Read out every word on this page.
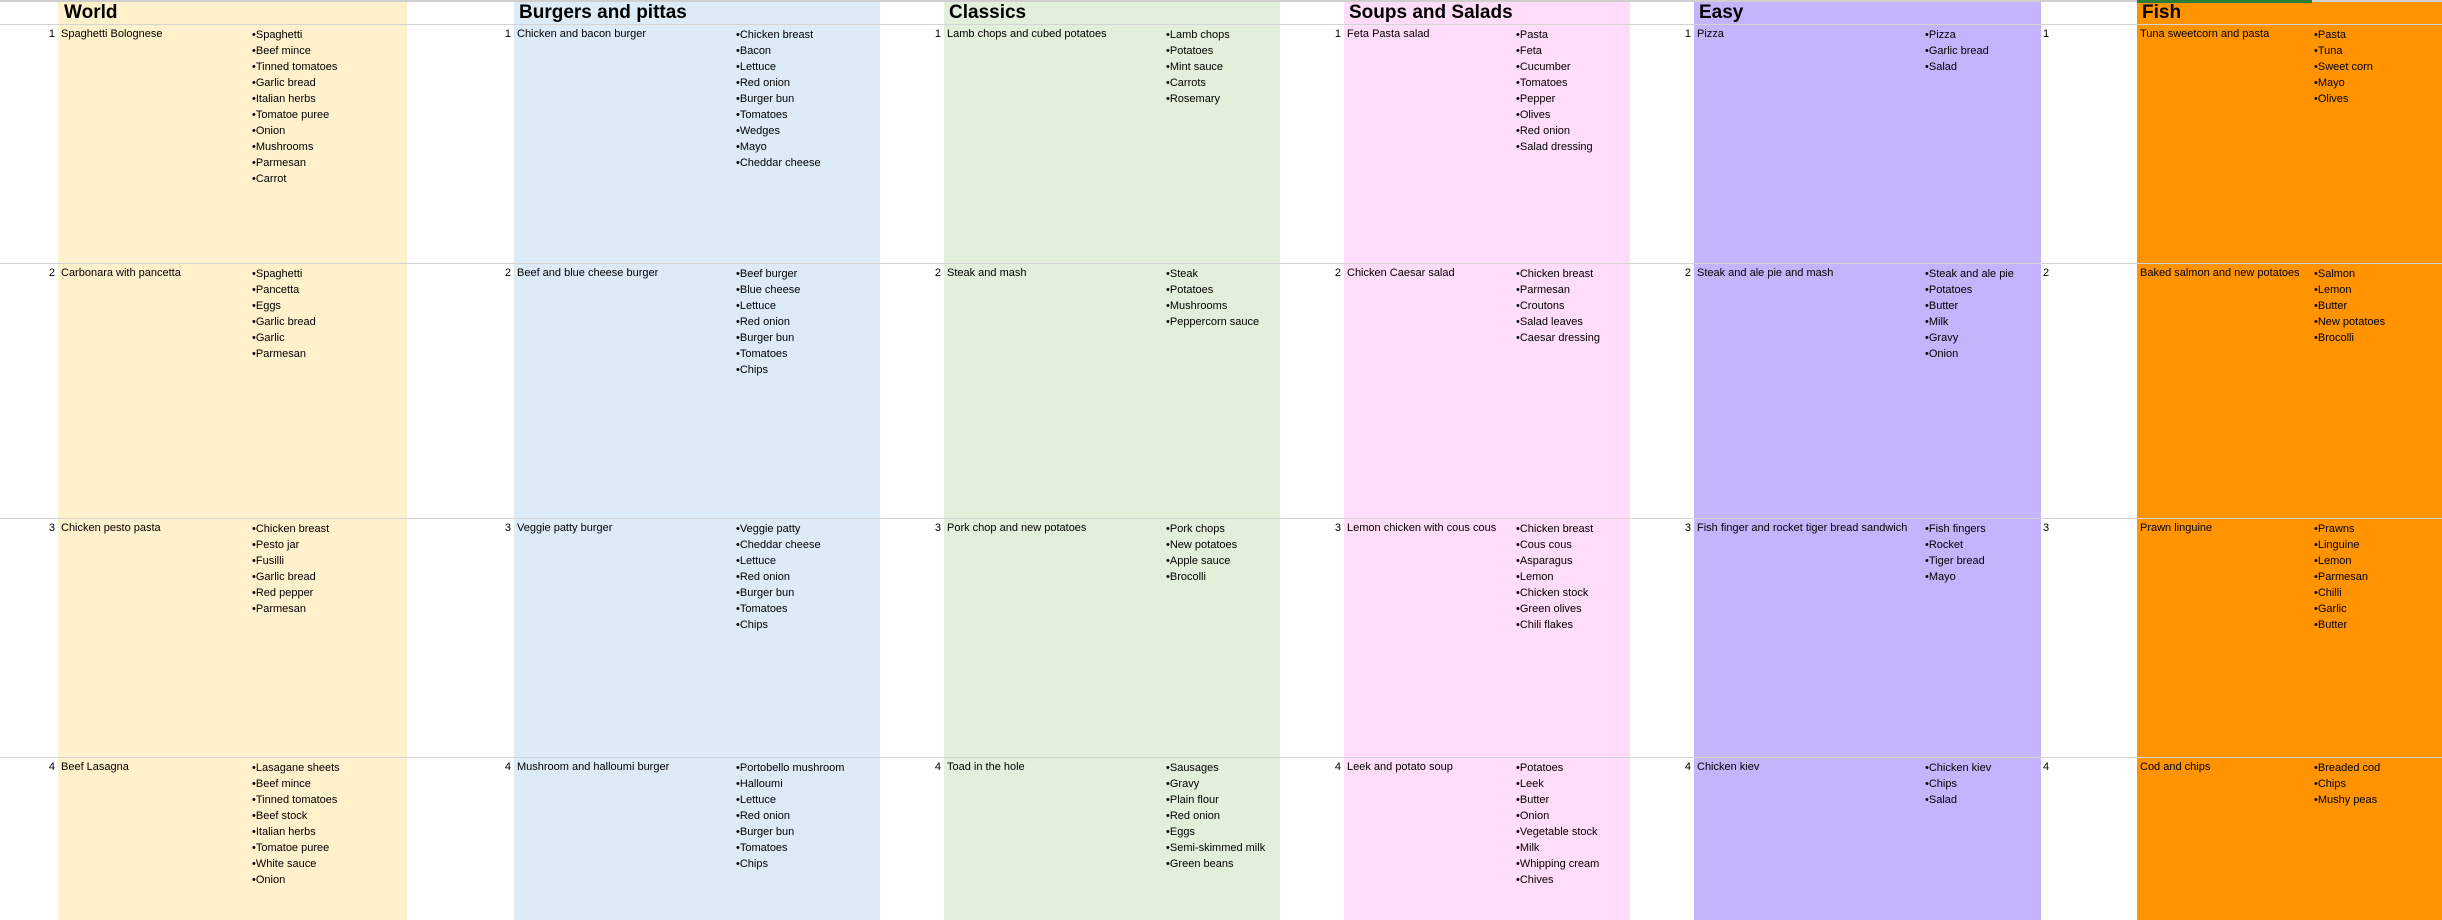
World
1 Spaghetti Bolognese	• Spaghetti
• Beef mince
• Tinned tomatoes
• Garlic bread
• Italian herbs
• Tomatoe puree
• Onion
• Mushrooms
• Parmesan
• Carrot
2 Carbonara with pancetta	• Spaghetti
• Pancetta
• Eggs
• Garlic bread
• Garlic
• Parmesan
3 Chicken pesto pasta	• Chicken breast
• Pesto jar
• Fusilli
• Garlic bread
• Red pepper
• Parmesan
4 Beef Lasagna	• Lasagane sheets
• Beef mince
• Tinned tomatoes
• Beef stock
• Italian herbs
• Tomatoe puree
• White sauce
• Onion
Burgers and pittas
1 Chicken and bacon burger	• Chicken breast
• Bacon
• Lettuce
• Red onion
• Burger bun
• Tomatoes
• Wedges
• Mayo
• Cheddar cheese
2 Beef and blue cheese burger	• Beef burger
• Blue cheese
• Lettuce
• Red onion
• Burger bun
• Tomatoes
• Chips
3 Veggie patty burger	• Veggie patty
• Cheddar cheese
• Lettuce
• Red onion
• Burger bun
• Tomatoes
• Chips
4 Mushroom and halloumi burger	• Portobello mushroom
• Halloumi
• Lettuce
• Red onion
• Burger bun
• Tomatoes
• Chips
Classics
1 Lamb chops and cubed potatoes	• Lamb chops
• Potatoes
• Mint sauce
• Carrots
• Rosemary
2 Steak and mash	• Steak
• Potatoes
• Mushrooms
• Peppercorn sauce
3 Pork chop and new potatoes	• Pork chops
• New potatoes
• Apple sauce
• Brocolli
4 Toad in the hole	• Sausages
• Gravy
• Plain flour
• Red onion
• Eggs
• Semi-skimmed milk
• Green beans
Soups and Salads
1 Feta Pasta salad	• Pasta
• Feta
• Cucumber
• Tomatoes
• Pepper
• Olives
• Red onion
• Salad dressing
2 Chicken Caesar salad	• Chicken breast
• Parmesan
• Croutons
• Salad leaves
• Caesar dressing
3 Lemon chicken with cous cous	• Chicken breast
• Cous cous
• Asparagus
• Lemon
• Chicken stock
• Green olives
• Chili flakes
4 Leek and potato soup	• Potatoes
• Leek
• Butter
• Onion
• Vegetable stock
• Milk
• Whipping cream
• Chives
Easy
1 Pizza	• Pizza
• Garlic bread
• Salad
2 Steak and ale pie and mash	• Steak and ale pie
• Potatoes
• Butter
• Milk
• Gravy
• Onion
3 Fish finger and rocket tiger bread sandwich	• Fish fingers
• Rocket
• Tiger bread
• Mayo
4 Chicken kiev	• Chicken kiev
• Chips
• Salad
Fish
1	Tuna sweetcorn and pasta	• Pasta
• Tuna
• Sweet corn
• Mayo
• Olives
2	Baked salmon and new potatoes	• Salmon
• Lemon
• Butter
• New potatoes
• Brocolli
3	Prawn linguine	• Prawns
• Linguine
• Lemon
• Parmesan
• Chilli
• Garlic
• Butter
4	Cod and chips	• Breaded cod
• Chips
• Mushy peas
